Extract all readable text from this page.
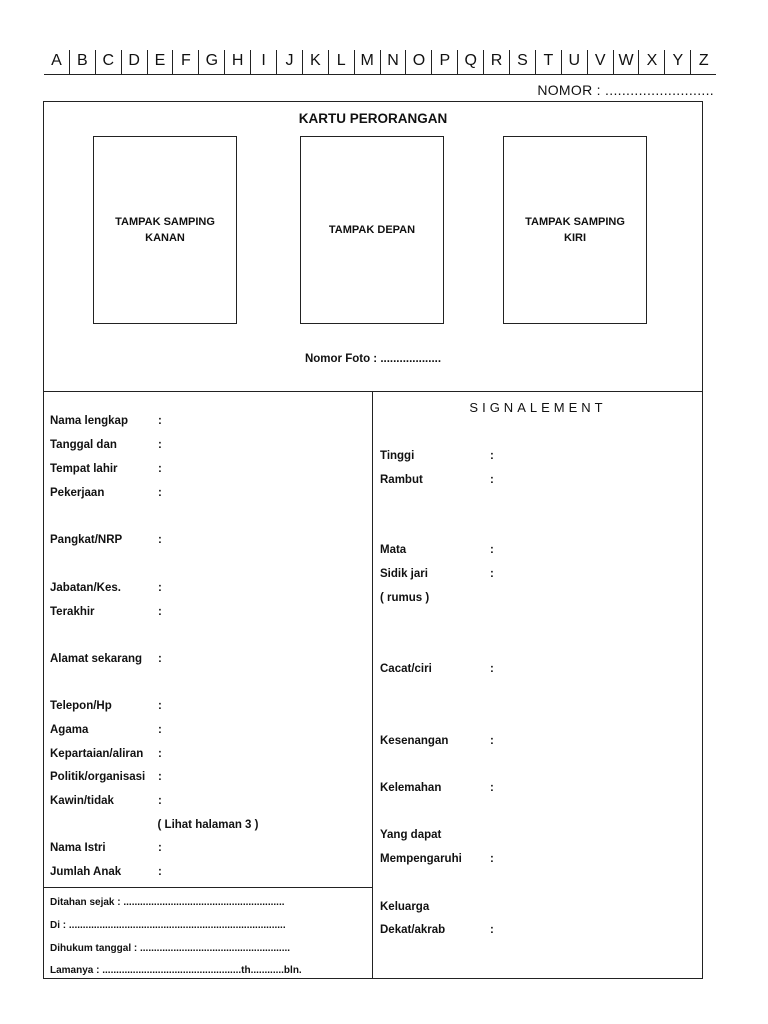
A B C D E F G H	I	J	K	L M N O P Q R S T U V W X Y Z
NOMOR : ..........................
KARTU PERORANGAN
TAMPAK SAMPING
KANAN
TAMPAK DEPAN
TAMPAK SAMPING
KIRI
Nomor Foto : ...................
Nama lengkap	:
Tanggal dan	:
Tempat lahir	:
Pekerjaan	:
Pangkat/NRP	:
Jabatan/Kes.	:
Terakhir	:
Alamat sekarang :
Telepon/Hp	:
Agama	:
Kepartaian/aliran :
Politik/organisasi :
Kawin/tidak	:
( Lihat halaman 3 )
Nama Istri	:
Jumlah Anak	:
Ditahan sejak : ..........................................................
Di : ..............................................................................
Dihukum tanggal : ......................................................
Lamanya : ..................................................th............bln.
SIGNALEMENT
Tinggi	:
Rambut	:
Mata	:
Sidik jari	:
( rumus )
Cacat/ciri	:
Kesenangan	:
Kelemahan	:
Yang dapat
Mempengaruhi :
Keluarga
Dekat/akrab	:
